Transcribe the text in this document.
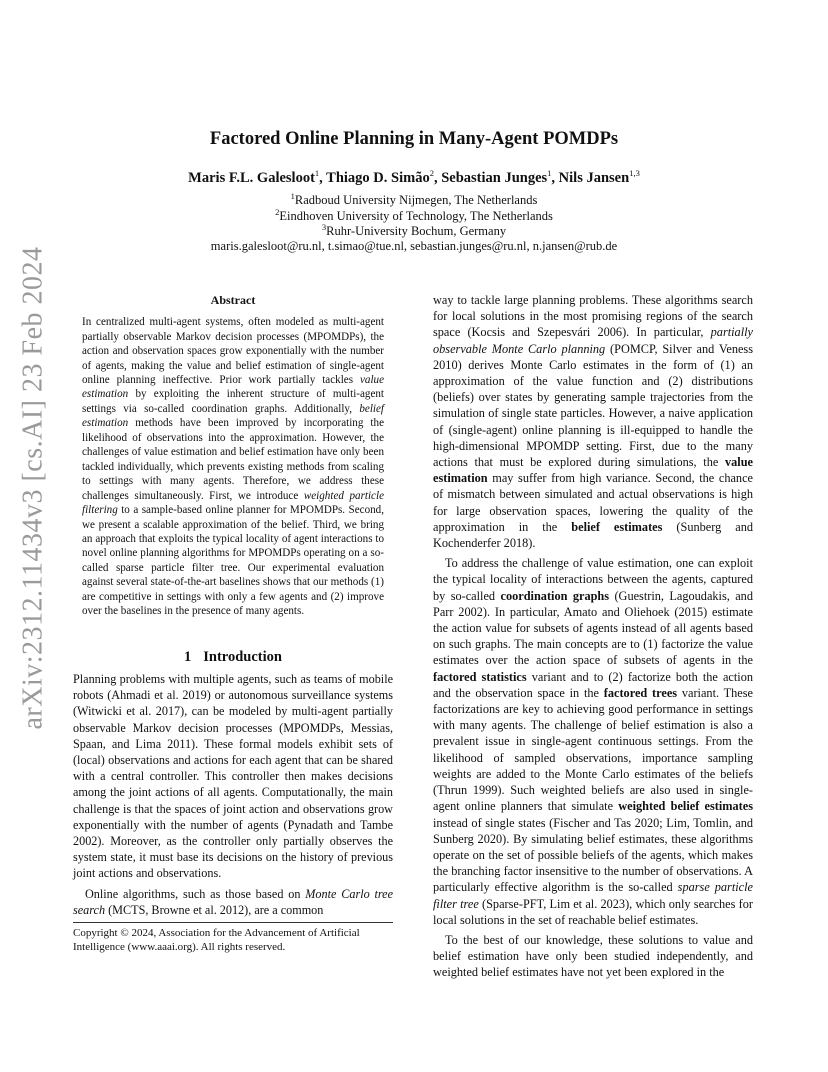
arXiv:2312.11434v3 [cs.AI] 23 Feb 2024
Factored Online Planning in Many-Agent POMDPs
Maris F.L. Galesloot$^1$, Thiago D. Simão$^2$, Sebastian Junges$^1$, Nils Jansen$^{1,3}$
$^1$Radboud University Nijmegen, The Netherlands
$^2$Eindhoven University of Technology, The Netherlands
$^3$Ruhr-University Bochum, Germany
maris.galesloot@ru.nl, t.simao@tue.nl, sebastian.junges@ru.nl, n.jansen@rub.de
Abstract

In centralized multi-agent systems, often modeled as multi-agent partially observable Markov decision processes (MPOMDPs), the action and observation spaces grow exponentially with the number of agents, making the value and belief estimation of single-agent online planning ineffective. Prior work partially tackles value estimation by exploiting the inherent structure of multi-agent settings via so-called coordination graphs. Additionally, belief estimation methods have been improved by incorporating the likelihood of observations into the approximation. However, the challenges of value estimation and belief estimation have only been tackled individually, which prevents existing methods from scaling to settings with many agents. Therefore, we address these challenges simultaneously. First, we introduce weighted particle filtering to a sample-based online planner for MPOMDPs. Second, we present a scalable approximation of the belief. Third, we bring an approach that exploits the typical locality of agent interactions to novel online planning algorithms for MPOMDPs operating on a so-called sparse particle filter tree. Our experimental evaluation against several state-of-the-art baselines shows that our methods (1) are competitive in settings with only a few agents and (2) improve over the baselines in the presence of many agents.

1 Introduction

Planning problems with multiple agents, such as teams of mobile robots (Ahmadi et al. 2019) or autonomous surveillance systems (Witwicki et al. 2017), can be modeled by multi-agent partially observable Markov decision processes (MPOMDPs, Messias, Spaan, and Lima 2011). These formal models exhibit sets of (local) observations and actions for each agent that can be shared with a central controller. This controller then makes decisions among the joint actions of all agents. Computationally, the main challenge is that the spaces of joint action and observations grow exponentially with the number of agents (Pynadath and Tambe 2002). Moreover, as the controller only partially observes the system state, it must base its decisions on the history of previous joint actions and observations.

Online algorithms, such as those based on Monte Carlo tree search (MCTS, Browne et al. 2012), are a common

Copyright © 2024, Association for the Advancement of Artificial Intelligence (www.aaai.org). All rights reserved.

way to tackle large planning problems. These algorithms search for local solutions in the most promising regions of the search space (Kocsis and Szepesvári 2006). In particular, partially observable Monte Carlo planning (POMCP, Silver and Veness 2010) derives Monte Carlo estimates in the form of (1) an approximation of the value function and (2) distributions (beliefs) over states by generating sample trajectories from the simulation of single state particles. However, a naive application of (single-agent) online planning is ill-equipped to handle the high-dimensional MPOMDP setting. First, due to the many actions that must be explored during simulations, the value estimation may suffer from high variance. Second, the chance of mismatch between simulated and actual observations is high for large observation spaces, lowering the quality of the approximation in the belief estimates (Sunberg and Kochenderfer 2018).

To address the challenge of value estimation, one can exploit the typical locality of interactions between the agents, captured by so-called coordination graphs (Guestrin, Lagoudakis, and Parr 2002). In particular, Amato and Oliehoek (2015) estimate the action value for subsets of agents instead of all agents based on such graphs. The main concepts are to (1) factorize the value estimates over the action space of subsets of agents in the factored statistics variant and to (2) factorize both the action and the observation space in the factored trees variant. These factorizations are key to achieving good performance in settings with many agents. The challenge of belief estimation is also a prevalent issue in single-agent continuous settings. From the likelihood of sampled observations, importance sampling weights are added to the Monte Carlo estimates of the beliefs (Thrun 1999). Such weighted beliefs are also used in single-agent online planners that simulate weighted belief estimates instead of single states (Fischer and Tas 2020; Lim, Tomlin, and Sunberg 2020). By simulating belief estimates, these algorithms operate on the set of possible beliefs of the agents, which makes the branching factor insensitive to the number of observations. A particularly effective algorithm is the so-called sparse particle filter tree (Sparse-PFT, Lim et al. 2023), which only searches for local solutions in the set of reachable belief estimates.

To the best of our knowledge, these solutions to value and belief estimation have only been studied independently, and weighted belief estimates have not yet been explored in the
